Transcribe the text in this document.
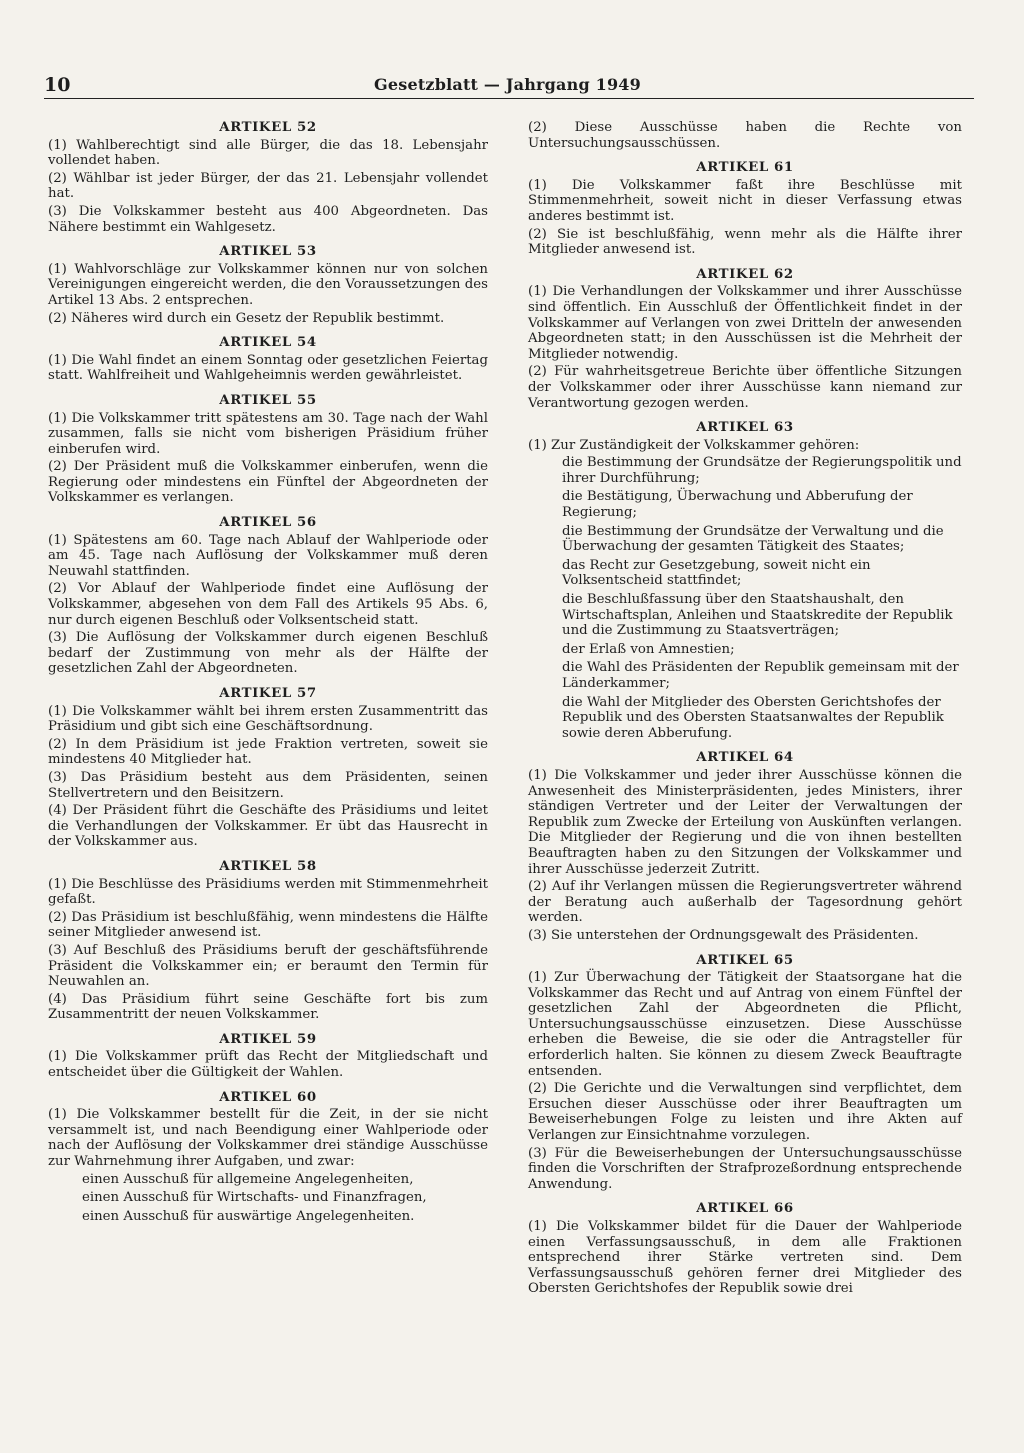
10	Gesetzblatt — Jahrgang 1949
ARTIKEL 52
(1) Wahlberechtigt sind alle Bürger, die das 18. Lebensjahr vollendet haben.
(2) Wählbar ist jeder Bürger, der das 21. Lebensjahr vollendet hat.
(3) Die Volkskammer besteht aus 400 Abgeordneten. Das Nähere bestimmt ein Wahlgesetz.
ARTIKEL 53
(1) Wahlvorschläge zur Volkskammer können nur von solchen Vereinigungen eingereicht werden, die den Voraussetzungen des Artikel 13 Abs. 2 entsprechen.
(2) Näheres wird durch ein Gesetz der Republik bestimmt.
ARTIKEL 54
(1) Die Wahl findet an einem Sonntag oder gesetzlichen Feiertag statt. Wahlfreiheit und Wahlgeheimnis werden gewährleistet.
ARTIKEL 55
(1) Die Volkskammer tritt spätestens am 30. Tage nach der Wahl zusammen, falls sie nicht vom bisherigen Präsidium früher einberufen wird.
(2) Der Präsident muß die Volkskammer einberufen, wenn die Regierung oder mindestens ein Fünftel der Abgeordneten der Volkskammer es verlangen.
ARTIKEL 56
(1) Spätestens am 60. Tage nach Ablauf der Wahlperiode oder am 45. Tage nach Auflösung der Volkskammer muß deren Neuwahl stattfinden.
(2) Vor Ablauf der Wahlperiode findet eine Auflösung der Volkskammer, abgesehen von dem Fall des Artikels 95 Abs. 6, nur durch eigenen Beschluß oder Volksentscheid statt.
(3) Die Auflösung der Volkskammer durch eigenen Beschluß bedarf der Zustimmung von mehr als der Hälfte der gesetzlichen Zahl der Abgeordneten.
ARTIKEL 57
(1) Die Volkskammer wählt bei ihrem ersten Zusammentritt das Präsidium und gibt sich eine Geschäftsordnung.
(2) In dem Präsidium ist jede Fraktion vertreten, soweit sie mindestens 40 Mitglieder hat.
(3) Das Präsidium besteht aus dem Präsidenten, seinen Stellvertretern und den Beisitzern.
(4) Der Präsident führt die Geschäfte des Präsidiums und leitet die Verhandlungen der Volkskammer. Er übt das Hausrecht in der Volkskammer aus.
ARTIKEL 58
(1) Die Beschlüsse des Präsidiums werden mit Stimmenmehrheit gefaßt.
(2) Das Präsidium ist beschlußfähig, wenn mindestens die Hälfte seiner Mitglieder anwesend ist.
(3) Auf Beschluß des Präsidiums beruft der geschäftsführende Präsident die Volkskammer ein; er beraumt den Termin für Neuwahlen an.
(4) Das Präsidium führt seine Geschäfte fort bis zum Zusammentritt der neuen Volkskammer.
ARTIKEL 59
(1) Die Volkskammer prüft das Recht der Mitgliedschaft und entscheidet über die Gültigkeit der Wahlen.
ARTIKEL 60
(1) Die Volkskammer bestellt für die Zeit, in der sie nicht versammelt ist, und nach Beendigung einer Wahlperiode oder nach der Auflösung der Volkskammer drei ständige Ausschüsse zur Wahrnehmung ihrer Aufgaben, und zwar:
einen Ausschuß für allgemeine Angelegenheiten,
einen Ausschuß für Wirtschafts- und Finanzfragen,
einen Ausschuß für auswärtige Angelegenheiten.
(2) Diese Ausschüsse haben die Rechte von Untersuchungsausschüssen.
ARTIKEL 61
(1) Die Volkskammer faßt ihre Beschlüsse mit Stimmenmehrheit, soweit nicht in dieser Verfassung etwas anderes bestimmt ist.
(2) Sie ist beschlußfähig, wenn mehr als die Hälfte ihrer Mitglieder anwesend ist.
ARTIKEL 62
(1) Die Verhandlungen der Volkskammer und ihrer Ausschüsse sind öffentlich. Ein Ausschluß der Öffentlichkeit findet in der Volkskammer auf Verlangen von zwei Dritteln der anwesenden Abgeordneten statt; in den Ausschüssen ist die Mehrheit der Mitglieder notwendig.
(2) Für wahrheitsgetreue Berichte über öffentliche Sitzungen der Volkskammer oder ihrer Ausschüsse kann niemand zur Verantwortung gezogen werden.
ARTIKEL 63
(1) Zur Zuständigkeit der Volkskammer gehören:
die Bestimmung der Grundsätze der Regierungspolitik und ihrer Durchführung;
die Bestätigung, Überwachung und Abberufung der Regierung;
die Bestimmung der Grundsätze der Verwaltung und die Überwachung der gesamten Tätigkeit des Staates;
das Recht zur Gesetzgebung, soweit nicht ein Volksentscheid stattfindet;
die Beschlußfassung über den Staatshaushalt, den Wirtschaftsplan, Anleihen und Staatskredite der Republik und die Zustimmung zu Staatsverträgen;
der Erlaß von Amnestien;
die Wahl des Präsidenten der Republik gemeinsam mit der Länderkammer;
die Wahl der Mitglieder des Obersten Gerichtshofes der Republik und des Obersten Staatsanwaltes der Republik sowie deren Abberufung.
ARTIKEL 64
(1) Die Volkskammer und jeder ihrer Ausschüsse können die Anwesenheit des Ministerpräsidenten, jedes Ministers, ihrer ständigen Vertreter und der Leiter der Verwaltungen der Republik zum Zwecke der Erteilung von Auskünften verlangen. Die Mitglieder der Regierung und die von ihnen bestellten Beauftragten haben zu den Sitzungen der Volkskammer und ihrer Ausschüsse jederzeit Zutritt.
(2) Auf ihr Verlangen müssen die Regierungsvertreter während der Beratung auch außerhalb der Tagesordnung gehört werden.
(3) Sie unterstehen der Ordnungsgewalt des Präsidenten.
ARTIKEL 65
(1) Zur Überwachung der Tätigkeit der Staatsorgane hat die Volkskammer das Recht und auf Antrag von einem Fünftel der gesetzlichen Zahl der Abgeordneten die Pflicht, Untersuchungsausschüsse einzusetzen. Diese Ausschüsse erheben die Beweise, die sie oder die Antragsteller für erforderlich halten. Sie können zu diesem Zweck Beauftragte entsenden.
(2) Die Gerichte und die Verwaltungen sind verpflichtet, dem Ersuchen dieser Ausschüsse oder ihrer Beauftragten um Beweiserhebungen Folge zu leisten und ihre Akten auf Verlangen zur Einsichtnahme vorzulegen.
(3) Für die Beweiserhebungen der Untersuchungsausschüsse finden die Vorschriften der Strafprozeßordnung entsprechende Anwendung.
ARTIKEL 66
(1) Die Volkskammer bildet für die Dauer der Wahlperiode einen Verfassungsausschuß, in dem alle Fraktionen entsprechend ihrer Stärke vertreten sind. Dem Verfassungsausschuß gehören ferner drei Mitglieder des Obersten Gerichtshofes der Republik sowie drei
